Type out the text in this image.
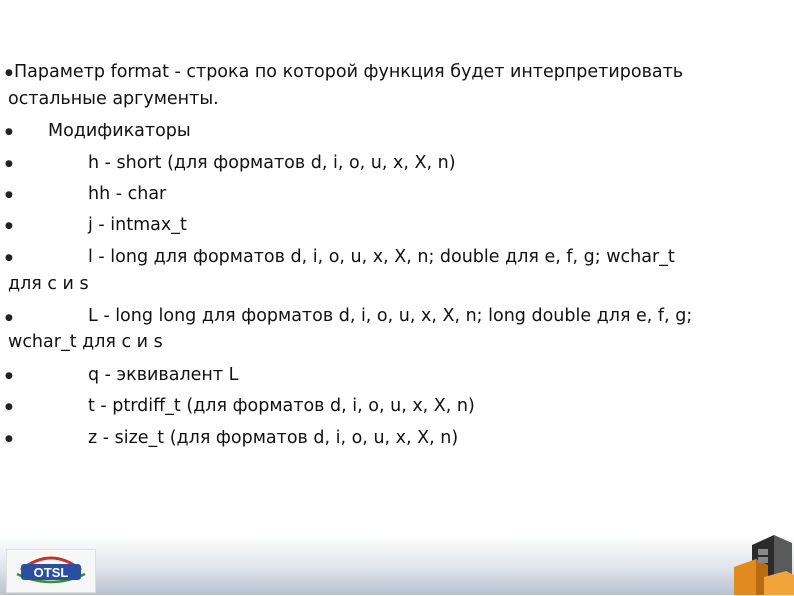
● Параметр format - строка по которой функция будет интерпретировать
остальные аргументы.
● Модификаторы
●	h - short (для форматов d, i, o, u, x, X, n)
●	hh - char
●	j - intmax_t
●	l - long для форматов d, i, o, u, x, X, n; double для e, f, g; wchar_t
для c и s
●	L - long long для форматов d, i, o, u, x, X, n; long double для e, f, g;
wchar_t для c и s
●	q - эквивалент L
●	t - ptrdiff_t (для форматов d, i, o, u, x, X, n)
●	z - size_t (для форматов d, i, o, u, x, X, n)
OTSL
